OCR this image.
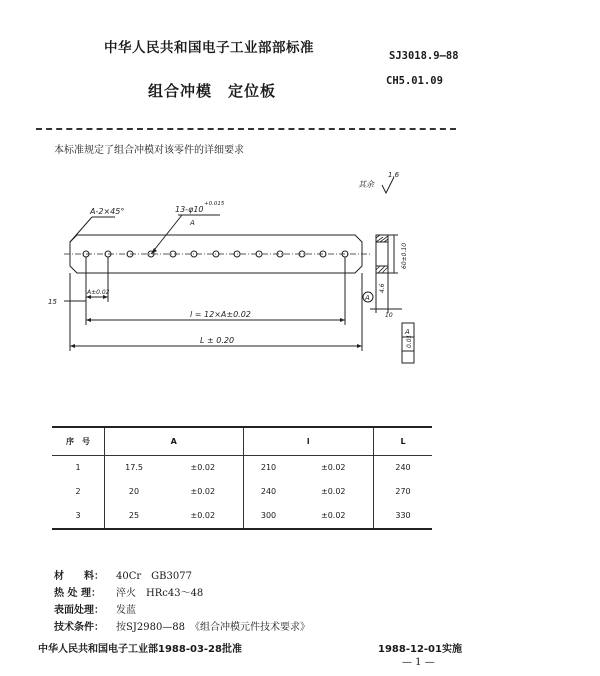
中华人民共和国电子工业部部标准	SJ3018.9—88
CH5.01.09
组合冲模　定位板
本标准规定了组合冲模对该零件的详细要求
其余
1.6
A-2×45°	13-φ10
+0.015
A
A±0.02
15
l = 12×A±0.02
L ± 0.20
60±0.10
10
0.01
A
A
4.6
序　号	A		l		L
1	17.5	±0.02	210	±0.02	240
2	20	±0.02	240	±0.02	270
3	25	±0.02	300	±0.02	330
材　　料： 40Cr　GB3077
热 处 理： 淬火　HRc43～48
表面处理： 发蓝
技术条件： 按SJ2980—88　《组合冲模元件技术要求》
中华人民共和国电子工业部1988-03-28批准	1988-12-01实施
— 1 —
